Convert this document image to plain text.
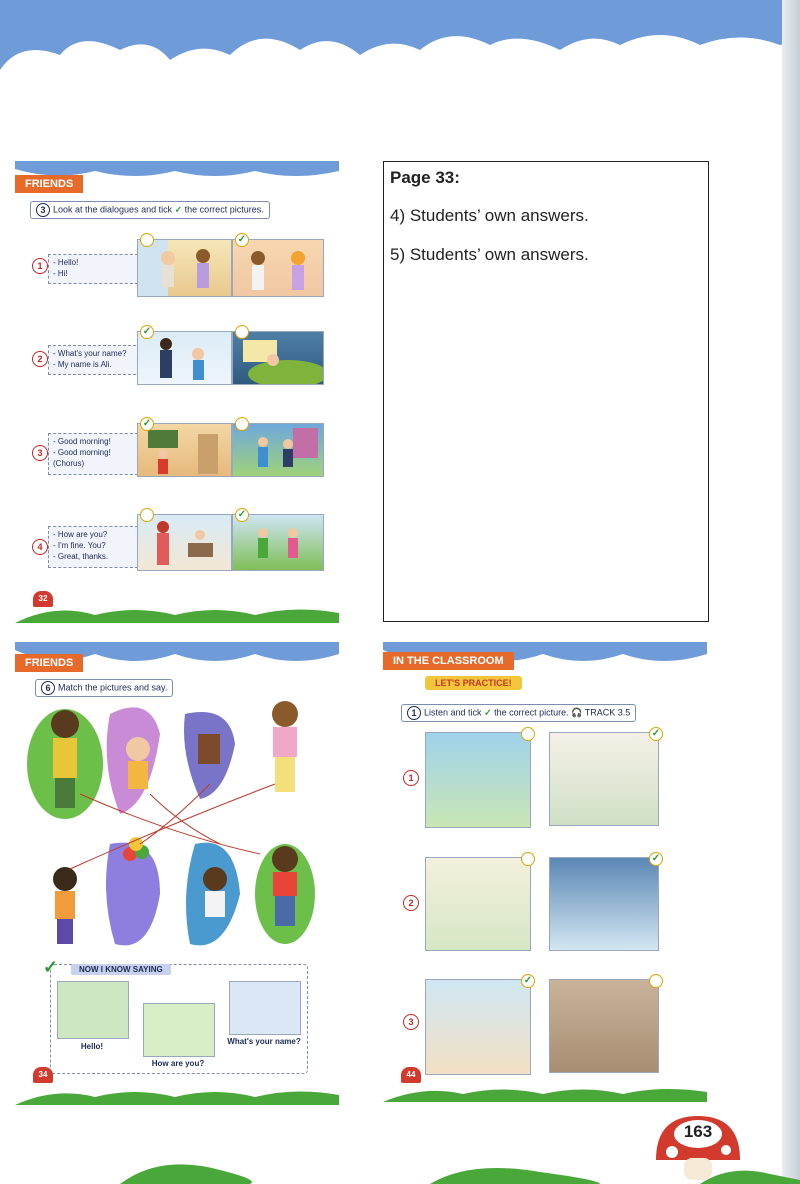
FRIENDS
3 Look at the dialogues and tick ✓ the correct pictures.
1	- Hello!
- Hi!
✓
2
- What's your name?
- My name is Ali.
✓
3
- Good morning!
- Good morning!
(Chorus)
✓
4
- How are you?
- I'm fine. You?
- Great, thanks.
✓
32
Page 33:
4) Students’ own answers.
5) Students’ own answers.
FRIENDS
6 Match the pictures and say.
NOW I KNOW SAYING
✓
Hello!
How are you?
What's your name?
34
IN THE CLASSROOM
LET'S PRACTICE!
1 Listen and tick ✓ the correct picture. 🎧 TRACK 3.5
1
✓
2
✓
3
✓
44
163
